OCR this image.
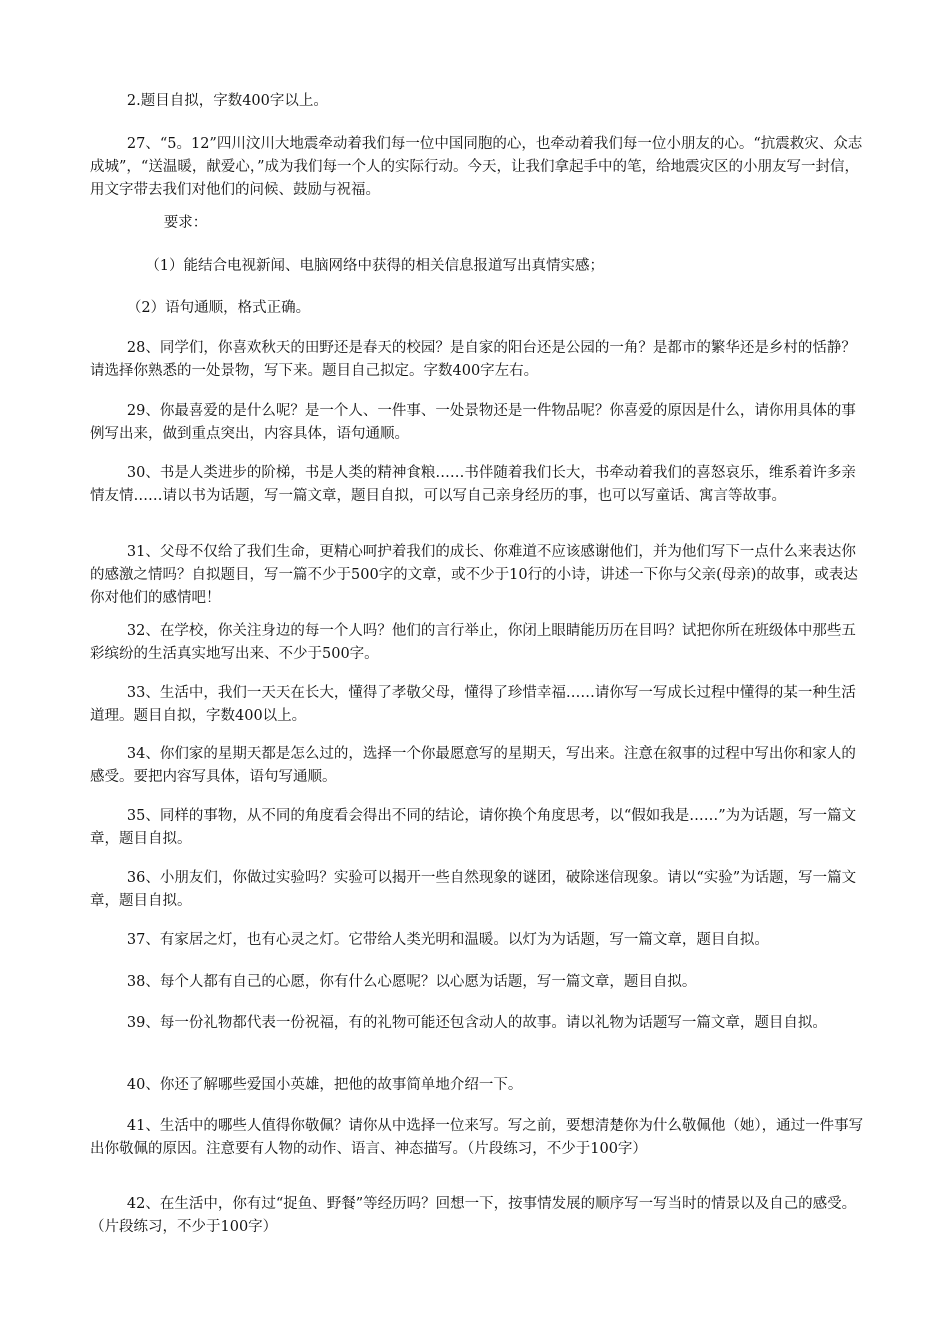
2.题目自拟，字数400字以上。

27、“5。12”四川汶川大地震牵动着我们每一位中国同胞的心，也牵动着我们每一位小朋友的心。“抗震救灾、众志成城”，“送温暖，献爱心，”成为我们每一个人的实际行动。今天，让我们拿起手中的笔，给地震灾区的小朋友写一封信，用文字带去我们对他们的问候、鼓励与祝福。

要求：

（1）能结合电视新闻、电脑网络中获得的相关信息报道写出真情实感；

（2）语句通顺，格式正确。

28、同学们，你喜欢秋天的田野还是春天的校园？是自家的阳台还是公园的一角？是都市的繁华还是乡村的恬静？请选择你熟悉的一处景物，写下来。题目自己拟定。字数400字左右。

29、你最喜爱的是什么呢？是一个人、一件事、一处景物还是一件物品呢？你喜爱的原因是什么，请你用具体的事例写出来，做到重点突出，内容具体，语句通顺。

30、书是人类进步的阶梯，书是人类的精神食粮……书伴随着我们长大，书牵动着我们的喜怒哀乐，维系着许多亲情友情……请以书为话题，写一篇文章，题目自拟，可以写自己亲身经历的事，也可以写童话、寓言等故事。

31、父母不仅给了我们生命，更精心呵护着我们的成长、你难道不应该感谢他们，并为他们写下一点什么来表达你的感激之情吗？自拟题目，写一篇不少于500字的文章，或不少于10行的小诗，讲述一下你与父亲(母亲)的故事，或表达你对他们的感情吧！

32、在学校，你关注身边的每一个人吗？他们的言行举止，你闭上眼睛能历历在目吗？试把你所在班级体中那些五彩缤纷的生活真实地写出来、不少于500字。

33、生活中，我们一天天在长大，懂得了孝敬父母，懂得了珍惜幸福……请你写一写成长过程中懂得的某一种生活道理。题目自拟，字数400以上。

34、你们家的星期天都是怎么过的，选择一个你最愿意写的星期天，写出来。注意在叙事的过程中写出你和家人的感受。要把内容写具体，语句写通顺。

35、同样的事物，从不同的角度看会得出不同的结论，请你换个角度思考，以“假如我是……”为为话题，写一篇文章，题目自拟。

36、小朋友们，你做过实验吗？实验可以揭开一些自然现象的谜团，破除迷信现象。请以“实验”为话题，写一篇文章，题目自拟。

37、有家居之灯，也有心灵之灯。它带给人类光明和温暖。以灯为为话题，写一篇文章，题目自拟。

38、每个人都有自己的心愿，你有什么心愿呢？以心愿为话题，写一篇文章，题目自拟。

39、每一份礼物都代表一份祝福，有的礼物可能还包含动人的故事。请以礼物为话题写一篇文章，题目自拟。

40、你还了解哪些爱国小英雄，把他的故事简单地介绍一下。

41、生活中的哪些人值得你敬佩？请你从中选择一位来写。写之前，要想清楚你为什么敬佩他（她），通过一件事写出你敬佩的原因。注意要有人物的动作、语言、神态描写。（片段练习，不少于100字）

42、在生活中，你有过“捉鱼、野餐”等经历吗？回想一下，按事情发展的顺序写一写当时的情景以及自己的感受。（片段练习，不少于100字）
